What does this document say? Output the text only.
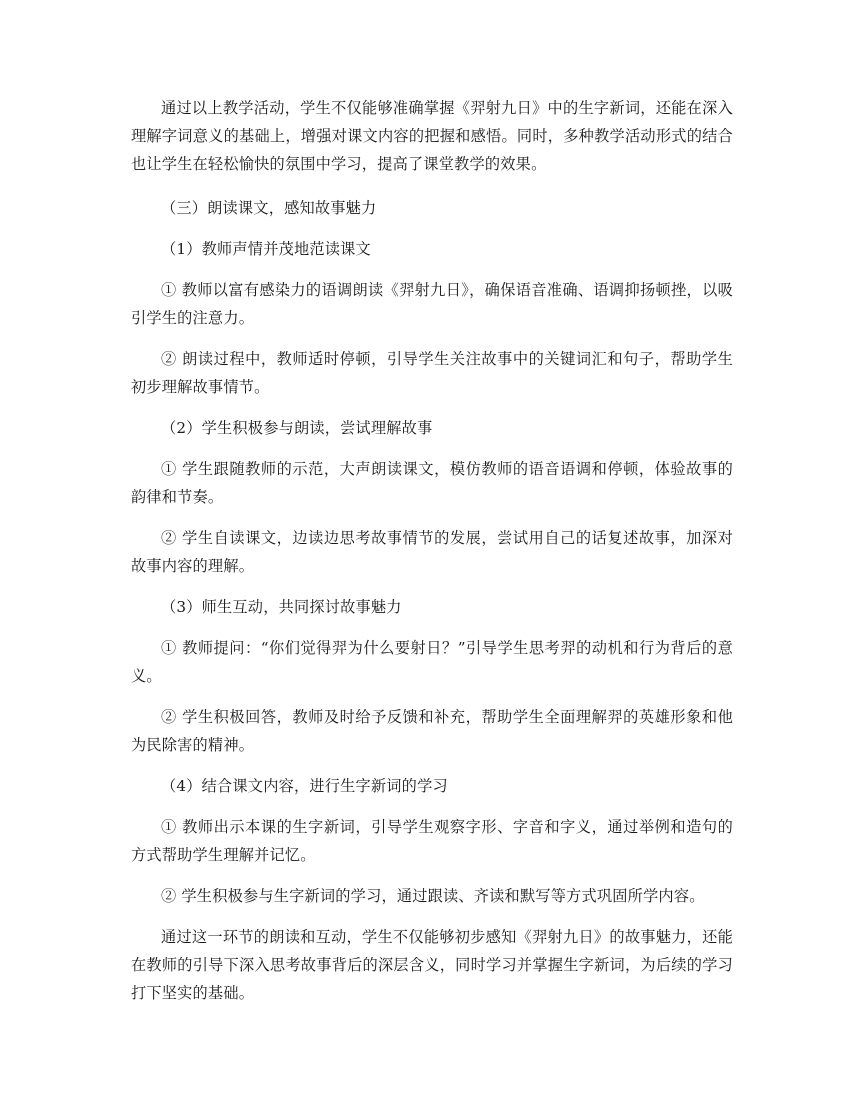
通过以上教学活动，学生不仅能够准确掌握《羿射九日》中的生字新词，还能在深入理解字词意义的基础上，增强对课文内容的把握和感悟。同时，多种教学活动形式的结合也让学生在轻松愉快的氛围中学习，提高了课堂教学的效果。

（三）朗读课文，感知故事魅力

（1）教师声情并茂地范读课文

① 教师以富有感染力的语调朗读《羿射九日》，确保语音准确、语调抑扬顿挫，以吸引学生的注意力。

② 朗读过程中，教师适时停顿，引导学生关注故事中的关键词汇和句子，帮助学生初步理解故事情节。

（2）学生积极参与朗读，尝试理解故事

① 学生跟随教师的示范，大声朗读课文，模仿教师的语音语调和停顿，体验故事的韵律和节奏。

② 学生自读课文，边读边思考故事情节的发展，尝试用自己的话复述故事，加深对故事内容的理解。

（3）师生互动，共同探讨故事魅力

① 教师提问：“你们觉得羿为什么要射日？”引导学生思考羿的动机和行为背后的意义。

② 学生积极回答，教师及时给予反馈和补充，帮助学生全面理解羿的英雄形象和他为民除害的精神。

（4）结合课文内容，进行生字新词的学习

① 教师出示本课的生字新词，引导学生观察字形、字音和字义，通过举例和造句的方式帮助学生理解并记忆。

② 学生积极参与生字新词的学习，通过跟读、齐读和默写等方式巩固所学内容。

通过这一环节的朗读和互动，学生不仅能够初步感知《羿射九日》的故事魅力，还能在教师的引导下深入思考故事背后的深层含义，同时学习并掌握生字新词，为后续的学习打下坚实的基础。
